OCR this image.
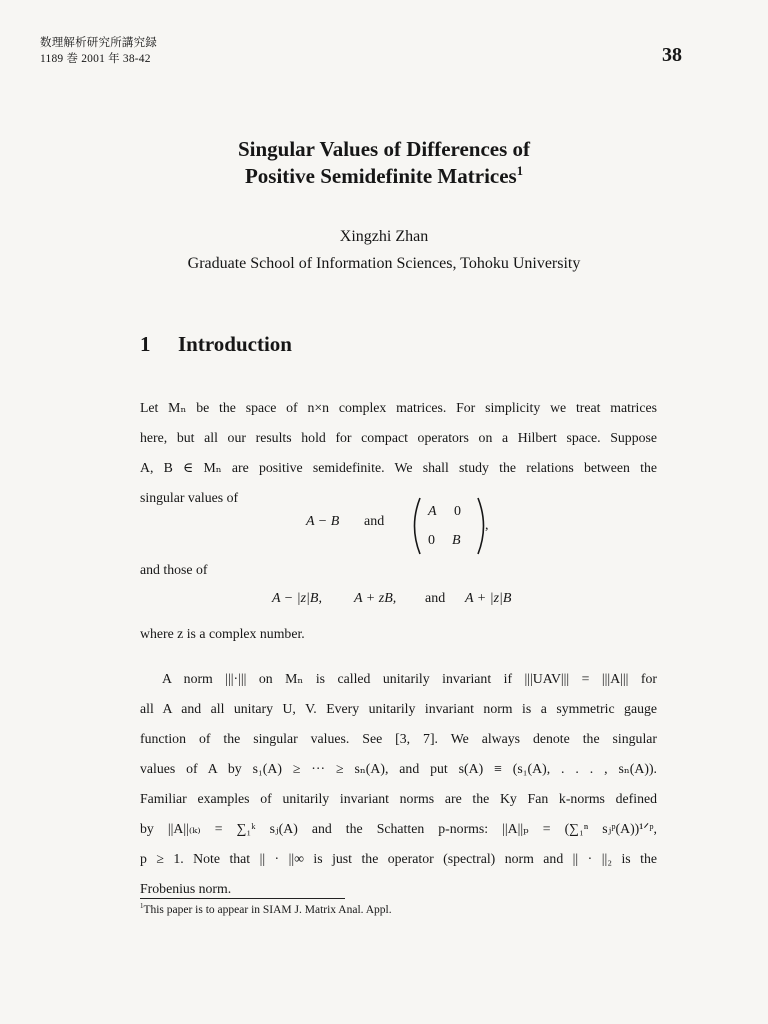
数理解析研究所講究録
1189 巻 2001 年 38-42	38
Singular Values of Differences of
Positive Semidefinite Matrices$^1$
Xingzhi Zhan
Graduate School of Information Sciences, Tohoku University
1 Introduction
Let Mₙ be the space of n×n complex matrices. For simplicity we treat matrices
here, but all our results hold for compact operators on a Hilbert space. Suppose
A, B ∈ Mₙ are positive semidefinite. We shall study the relations between the
singular values of
A − B and
A 0
0 B
,
and those of
A − |z|B, A + zB, and A + |z|B
where z is a complex number.
A norm |||·||| on Mₙ is called unitarily invariant if |||UAV||| = |||A||| for
all A and all unitary U, V. Every unitarily invariant norm is a symmetric gauge
function of the singular values. See [3, 7]. We always denote the singular
values of A by s₁(A) ≥ ··· ≥ sₙ(A), and put s(A) ≡ (s₁(A), . . . , sₙ(A)).
Familiar examples of unitarily invariant norms are the Ky Fan k-norms defined
by ||A||₍ₖ₎ = ∑₁ᵏ sⱼ(A) and the Schatten p-norms: ||A||ₚ = (∑₁ⁿ sⱼᵖ(A))¹ᐟᵖ,
p ≥ 1. Note that || · ||∞ is just the operator (spectral) norm and || · ||₂ is the
Frobenius norm.
$^1$This paper is to appear in SIAM J. Matrix Anal. Appl.
